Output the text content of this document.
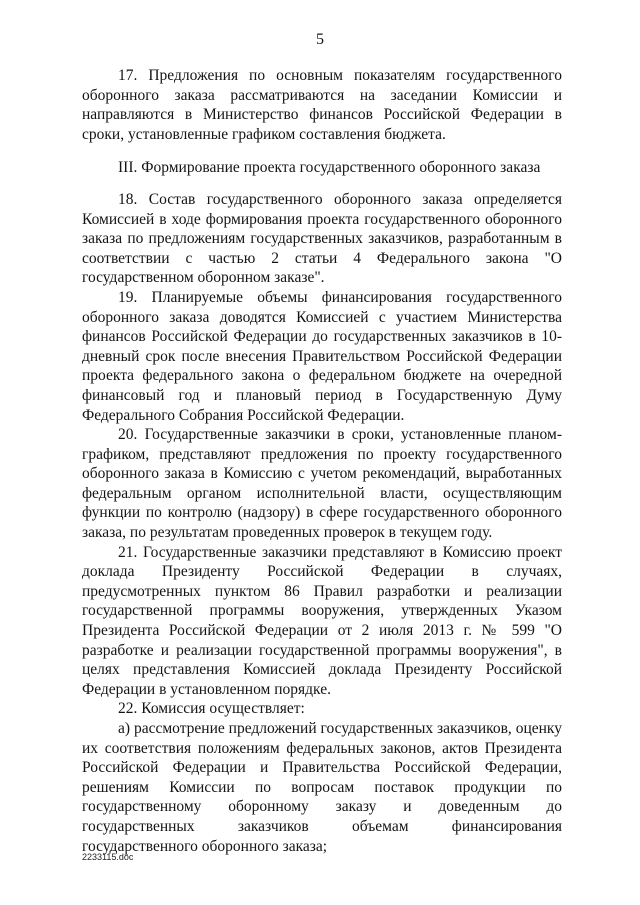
5

17. Предложения по основным показателям государственного оборонного заказа рассматриваются на заседании Комиссии и направляются в Министерство финансов Российской Федерации в сроки, установленные графиком составления бюджета.

III. Формирование проекта государственного оборонного заказа

18. Состав государственного оборонного заказа определяется Комиссией в ходе формирования проекта государственного оборонного заказа по предложениям государственных заказчиков, разработанным в соответствии с частью 2 статьи 4 Федерального закона "О государственном оборонном заказе".

19. Планируемые объемы финансирования государственного оборонного заказа доводятся Комиссией с участием Министерства финансов Российской Федерации до государственных заказчиков в 10-дневный срок после внесения Правительством Российской Федерации проекта федерального закона о федеральном бюджете на очередной финансовый год и плановый период в Государственную Думу Федерального Собрания Российской Федерации.

20. Государственные заказчики в сроки, установленные планом-графиком, представляют предложения по проекту государственного оборонного заказа в Комиссию с учетом рекомендаций, выработанных федеральным органом исполнительной власти, осуществляющим функции по контролю (надзору) в сфере государственного оборонного заказа, по результатам проведенных проверок в текущем году.

21. Государственные заказчики представляют в Комиссию проект доклада Президенту Российской Федерации в случаях, предусмотренных пунктом 86 Правил разработки и реализации государственной программы вооружения, утвержденных Указом Президента Российской Федерации от 2 июля 2013 г. № 599 "О разработке и реализации государственной программы вооружения", в целях представления Комиссией доклада Президенту Российской Федерации в установленном порядке.

22. Комиссия осуществляет:

а) рассмотрение предложений государственных заказчиков, оценку их соответствия положениям федеральных законов, актов Президента Российской Федерации и Правительства Российской Федерации, решениям Комиссии по вопросам поставок продукции по государственному оборонному заказу и доведенным до государственных заказчиков объемам финансирования государственного оборонного заказа;

2233115.doc
